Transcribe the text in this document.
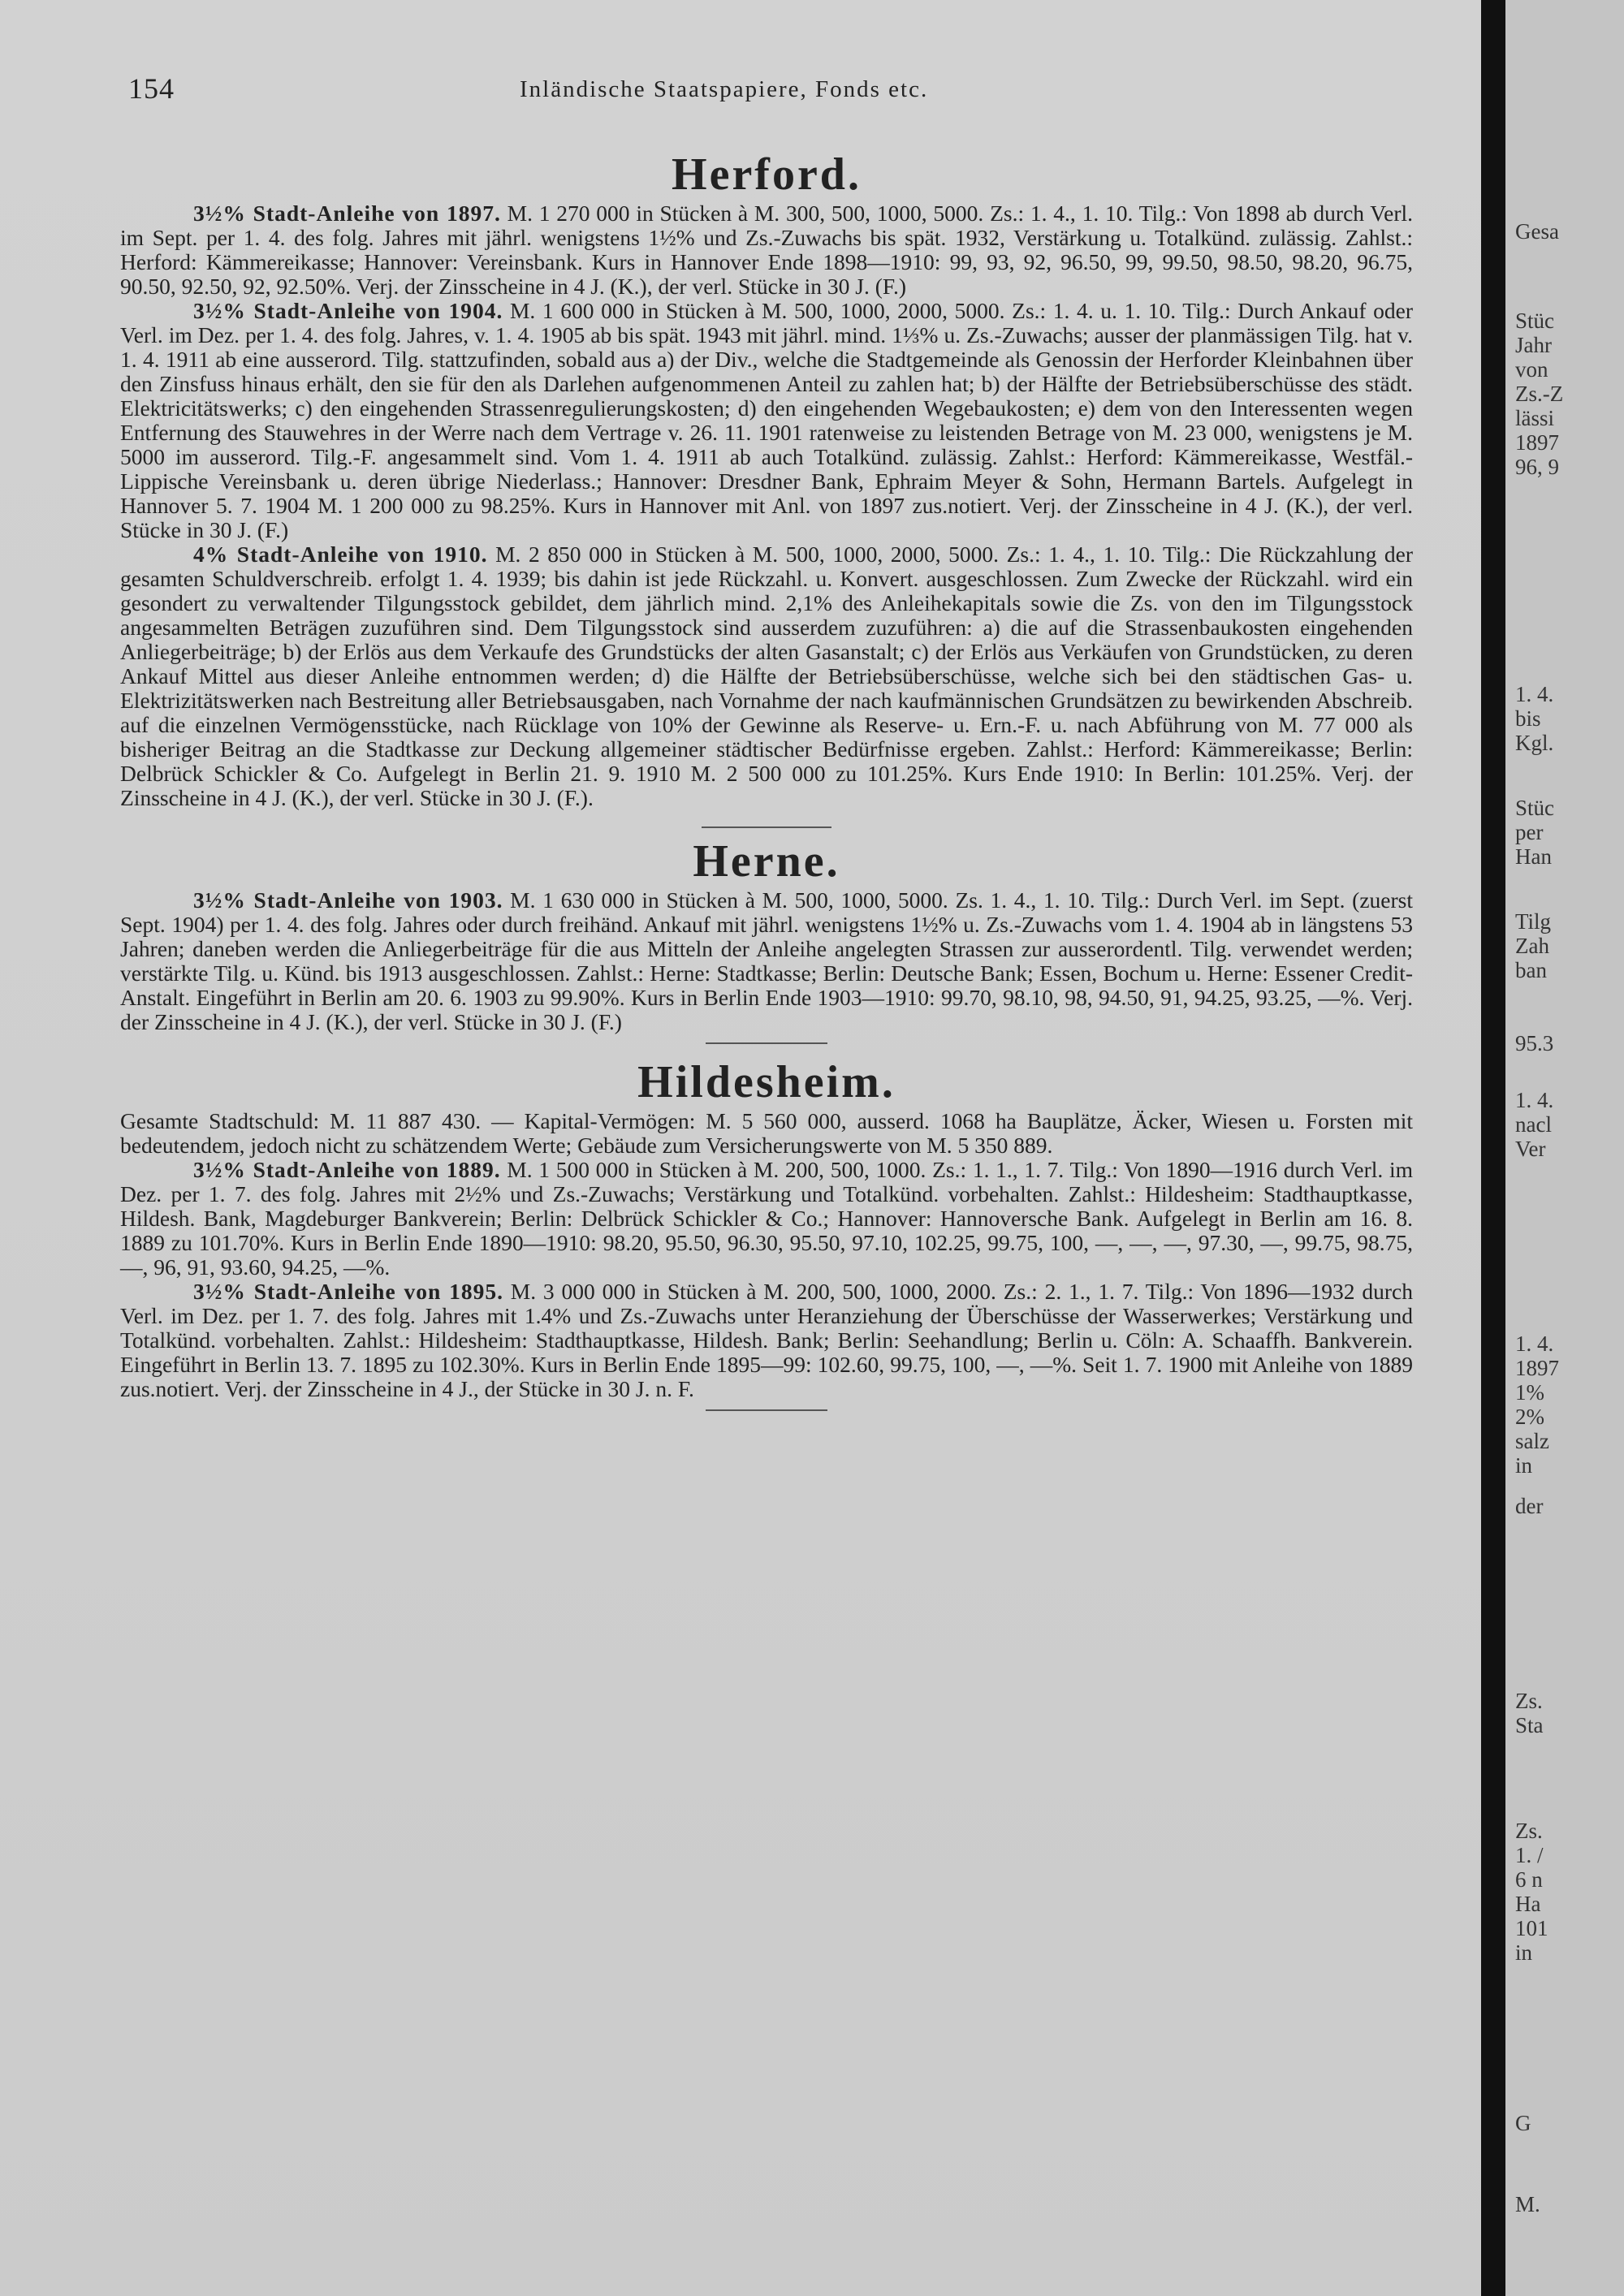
154	Inländische Staatspapiere, Fonds etc.
Herford.

3½% Stadt-Anleihe von 1897. M. 1 270 000 in Stücken à M. 300, 500, 1000, 5000. Zs.: 1. 4., 1. 10. Tilg.: Von 1898 ab durch Verl. im Sept. per 1. 4. des folg. Jahres mit jährl. wenigstens 1½% und Zs.-Zuwachs bis spät. 1932, Verstärkung u. Totalkünd. zulässig. Zahlst.: Herford: Kämmereikasse; Hannover: Vereinsbank. Kurs in Hannover Ende 1898—1910: 99, 93, 92, 96.50, 99, 99.50, 98.50, 98.20, 96.75, 90.50, 92.50, 92, 92.50%. Verj. der Zinsscheine in 4 J. (K.), der verl. Stücke in 30 J. (F.)

3½% Stadt-Anleihe von 1904. M. 1 600 000 in Stücken à M. 500, 1000, 2000, 5000. Zs.: 1. 4. u. 1. 10. Tilg.: Durch Ankauf oder Verl. im Dez. per 1. 4. des folg. Jahres, v. 1. 4. 1905 ab bis spät. 1943 mit jährl. mind. 1⅓% u. Zs.-Zuwachs; ausser der planmässigen Tilg. hat v. 1. 4. 1911 ab eine ausserord. Tilg. stattzufinden, sobald aus a) der Div., welche die Stadtgemeinde als Genossin der Herforder Kleinbahnen über den Zinsfuss hinaus erhält, den sie für den als Darlehen aufgenommenen Anteil zu zahlen hat; b) der Hälfte der Betriebsüberschüsse des städt. Elektricitätswerks; c) den eingehenden Strassenregulierungskosten; d) den eingehenden Wegebaukosten; e) dem von den Interessenten wegen Entfernung des Stauwehres in der Werre nach dem Vertrage v. 26. 11. 1901 ratenweise zu leistenden Betrage von M. 23 000, wenigstens je M. 5000 im ausserord. Tilg.-F. angesammelt sind. Vom 1. 4. 1911 ab auch Totalkünd. zulässig. Zahlst.: Herford: Kämmereikasse, Westfäl.-Lippische Vereinsbank u. deren übrige Niederlass.; Hannover: Dresdner Bank, Ephraim Meyer & Sohn, Hermann Bartels. Aufgelegt in Hannover 5. 7. 1904 M. 1 200 000 zu 98.25%. Kurs in Hannover mit Anl. von 1897 zus.notiert. Verj. der Zinsscheine in 4 J. (K.), der verl. Stücke in 30 J. (F.)

4% Stadt-Anleihe von 1910. M. 2 850 000 in Stücken à M. 500, 1000, 2000, 5000. Zs.: 1. 4., 1. 10. Tilg.: Die Rückzahlung der gesamten Schuldverschreib. erfolgt 1. 4. 1939; bis dahin ist jede Rückzahl. u. Konvert. ausgeschlossen. Zum Zwecke der Rückzahl. wird ein gesondert zu verwaltender Tilgungsstock gebildet, dem jährlich mind. 2,1% des Anleihekapitals sowie die Zs. von den im Tilgungsstock angesammelten Beträgen zuzuführen sind. Dem Tilgungsstock sind ausserdem zuzuführen: a) die auf die Strassenbaukosten eingehenden Anliegerbeiträge; b) der Erlös aus dem Verkaufe des Grundstücks der alten Gasanstalt; c) der Erlös aus Verkäufen von Grundstücken, zu deren Ankauf Mittel aus dieser Anleihe entnommen werden; d) die Hälfte der Betriebsüberschüsse, welche sich bei den städtischen Gas- u. Elektrizitätswerken nach Bestreitung aller Betriebsausgaben, nach Vornahme der nach kaufmännischen Grundsätzen zu bewirkenden Abschreib. auf die einzelnen Vermögensstücke, nach Rücklage von 10% der Gewinne als Reserve- u. Ern.-F. u. nach Abführung von M. 77 000 als bisheriger Beitrag an die Stadtkasse zur Deckung allgemeiner städtischer Bedürfnisse ergeben. Zahlst.: Herford: Kämmereikasse; Berlin: Delbrück Schickler & Co. Aufgelegt in Berlin 21. 9. 1910 M. 2 500 000 zu 101.25%. Kurs Ende 1910: In Berlin: 101.25%. Verj. der Zinsscheine in 4 J. (K.), der verl. Stücke in 30 J. (F.).

Herne.

3½% Stadt-Anleihe von 1903. M. 1 630 000 in Stücken à M. 500, 1000, 5000. Zs. 1. 4., 1. 10. Tilg.: Durch Verl. im Sept. (zuerst Sept. 1904) per 1. 4. des folg. Jahres oder durch freihänd. Ankauf mit jährl. wenigstens 1½% u. Zs.-Zuwachs vom 1. 4. 1904 ab in längstens 53 Jahren; daneben werden die Anliegerbeiträge für die aus Mitteln der Anleihe angelegten Strassen zur ausserordentl. Tilg. verwendet werden; verstärkte Tilg. u. Künd. bis 1913 ausgeschlossen. Zahlst.: Herne: Stadtkasse; Berlin: Deutsche Bank; Essen, Bochum u. Herne: Essener Credit-Anstalt. Eingeführt in Berlin am 20. 6. 1903 zu 99.90%. Kurs in Berlin Ende 1903—1910: 99.70, 98.10, 98, 94.50, 91, 94.25, 93.25, —%. Verj. der Zinsscheine in 4 J. (K.), der verl. Stücke in 30 J. (F.)

Hildesheim.

Gesamte Stadtschuld: M. 11 887 430. — Kapital-Vermögen: M. 5 560 000, ausserd. 1068 ha Bauplätze, Äcker, Wiesen u. Forsten mit bedeutendem, jedoch nicht zu schätzendem Werte; Gebäude zum Versicherungswerte von M. 5 350 889.

3½% Stadt-Anleihe von 1889. M. 1 500 000 in Stücken à M. 200, 500, 1000. Zs.: 1. 1., 1. 7. Tilg.: Von 1890—1916 durch Verl. im Dez. per 1. 7. des folg. Jahres mit 2½% und Zs.-Zuwachs; Verstärkung und Totalkünd. vorbehalten. Zahlst.: Hildesheim: Stadthauptkasse, Hildesh. Bank, Magdeburger Bankverein; Berlin: Delbrück Schickler & Co.; Hannover: Hannoversche Bank. Aufgelegt in Berlin am 16. 8. 1889 zu 101.70%. Kurs in Berlin Ende 1890—1910: 98.20, 95.50, 96.30, 95.50, 97.10, 102.25, 99.75, 100, —, —, —, 97.30, —, 99.75, 98.75, —, 96, 91, 93.60, 94.25, —%.

3½% Stadt-Anleihe von 1895. M. 3 000 000 in Stücken à M. 200, 500, 1000, 2000. Zs.: 2. 1., 1. 7. Tilg.: Von 1896—1932 durch Verl. im Dez. per 1. 7. des folg. Jahres mit 1.4% und Zs.-Zuwachs unter Heranziehung der Überschüsse der Wasserwerkes; Verstärkung und Totalkünd. vorbehalten. Zahlst.: Hildesheim: Stadthauptkasse, Hildesh. Bank; Berlin: Seehandlung; Berlin u. Cöln: A. Schaaffh. Bankverein. Eingeführt in Berlin 13. 7. 1895 zu 102.30%. Kurs in Berlin Ende 1895—99: 102.60, 99.75, 100, —, —%. Seit 1. 7. 1900 mit Anleihe von 1889 zus.notiert. Verj. der Zinsscheine in 4 J., der Stücke in 30 J. n. F.

Gesa
Stüc
Jahr
von
Zs.-Z
lässi
1897
96, 9
1. 4.
bis
Kgl.
Stüc
per
Han
Tilg
Zah
ban
95.3
1. 4.
nacl
Ver
1. 4.
1897
1%
2%
salz
in
der
Zs.
Sta
Zs.
1. /
6 n
Ha
101
in
G
M.
